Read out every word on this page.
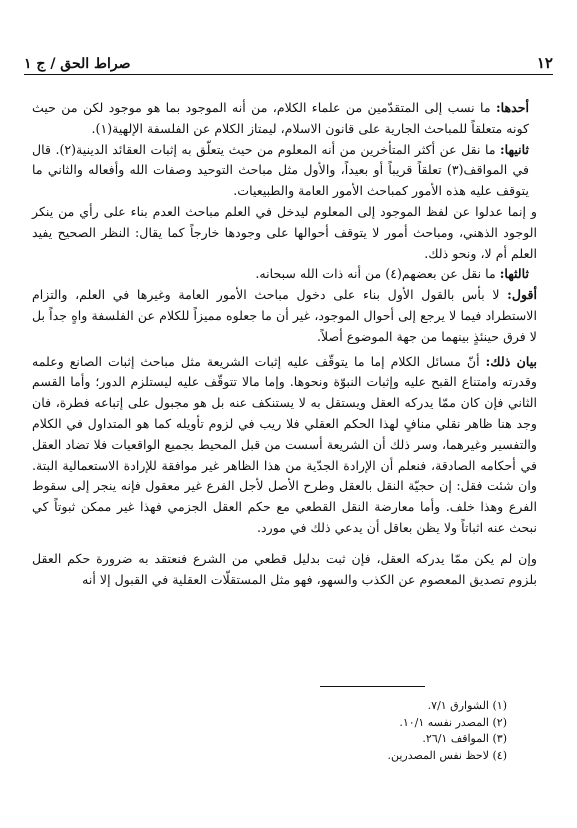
١٢
صراط الحق / ج ١

أحدها: ما نسب إلى المتقدّمين من علماء الكلام، من أنه الموجود بما هو موجود لكن من حيث كونه متعلقاً للمباحث الجارية على قانون الاسلام، ليمتاز الكلام عن الفلسفة الإلهية(١).

ثانيها: ما نقل عن أكثر المتأخرين من أنه المعلوم من حيث يتعلّق به إثبات العقائد الدينية(٢). قال في المواقف(٣) تعلقاً قريباً أو بعيداً، والأول مثل مباحث التوحيد وصفات الله وأفعاله والثاني ما يتوقف عليه هذه الأمور كمباحث الأمور العامة والطبيعيات.

و إنما عدلوا عن لفظ الموجود إلى المعلوم ليدخل في العلم مباحث العدم بناء على رأي من ينكر الوجود الذهني، ومباحث أمور لا يتوقف أحوالها على وجودها خارجاً كما يقال: النظر الصحيح يفيد العلم أم لا، ونحو ذلك.

ثالثها: ما نقل عن بعضهم(٤) من أنه ذات الله سبحانه.

أقول: لا بأس بالقول الأول بناء على دخول مباحث الأمور العامة وغيرها في العلم، والتزام الاستطراد فيما لا يرجع إلى أحوال الموجود، غير أن ما جعلوه مميزاً للكلام عن الفلسفة واهٍ جداً بل لا فرق حينئذٍ بينهما من جهة الموضوع أصلاً.

بيان ذلك: أنّ مسائل الكلام إما ما يتوقّف عليه إثبات الشريعة مثل مباحث إثبات الصانع وعلمه وقدرته وامتناع القبح عليه وإثبات النبوّة ونحوها. وإما مالا تتوقّف عليه ليستلزم الدور؛ وأما القسم الثاني فإن كان ممّا يدركه العقل ويستقل به لا يستنكف عنه بل هو مجبول على إتباعه فطرة، فان وجد هنا ظاهر نقلي منافٍ لهذا الحكم العقلي فلا ريب في لزوم تأويله كما هو المتداول في الكلام والتفسير وغيرهما، وسر ذلك أن الشريعة أسست من قبل المحيط بجميع الواقعيات فلا تضاد العقل في أحكامه الصادقة، فنعلم أن الإرادة الجدّية من هذا الظاهر غير موافقة للإرادة الاستعمالية البتة. وان شئت فقل: إن حجيّة النقل بالعقل وطرح الأصل لأجل الفرع غير معقول فإنه ينجر إلى سقوط الفرع وهذا خلف. وأما معارضة النقل القطعي مع حكم العقل الجزمي فهذا غير ممكن ثبوتاً كي نبحث عنه اثباتاً ولا يظن بعاقل أن يدعي ذلك في مورد.

وإن لم يكن ممّا يدركه العقل، فإن ثبت بدليل قطعي من الشرع فنعتقد به ضرورة حكم العقل بلزوم تصديق المعصوم عن الكذب والسهو، فهو مثل المستقلّات العقلية في القبول إلا أنه

(١) الشوارق ٧/١.
(٢) المصدر نفسه ١٠/١.
(٣) المواقف ٢٦/١.
(٤) لاحظ نفس المصدرين.
